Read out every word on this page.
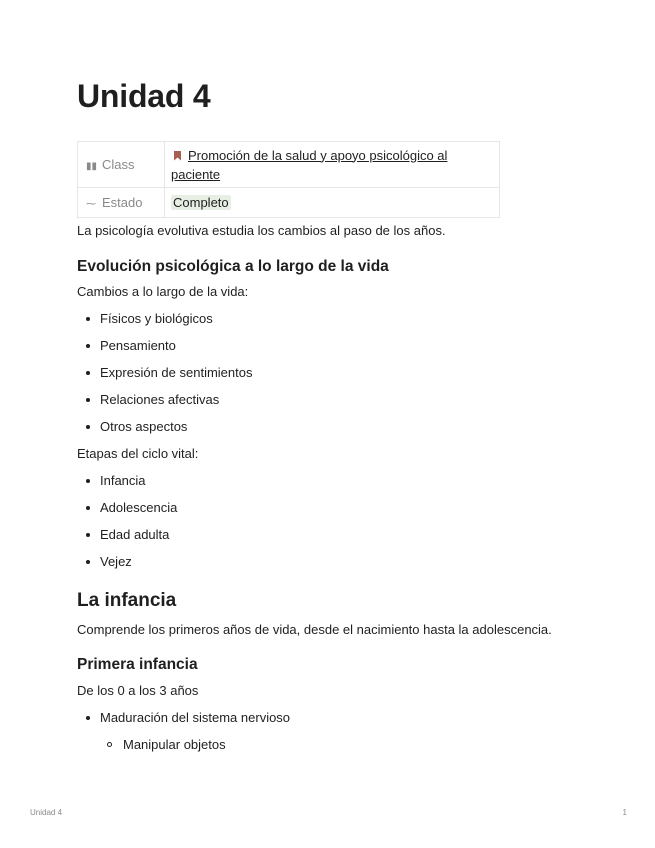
Unidad 4
▮▮ Class	Promoción de la salud y apoyo psicológico al paciente
⁓ Estado	Completo

La psicología evolutiva estudia los cambios al paso de los años.

Evolución psicológica a lo largo de la vida

Cambios a lo largo de la vida:

Físicos y biológicos
Pensamiento
Expresión de sentimientos
Relaciones afectivas
Otros aspectos

Etapas del ciclo vital:

Infancia
Adolescencia
Edad adulta
Vejez
La infancia

Comprende los primeros años de vida, desde el nacimiento hasta la adolescencia.

Primera infancia

De los 0 a los 3 años

Maduración del sistema nervioso
Manipular objetos
Unidad 4	1
